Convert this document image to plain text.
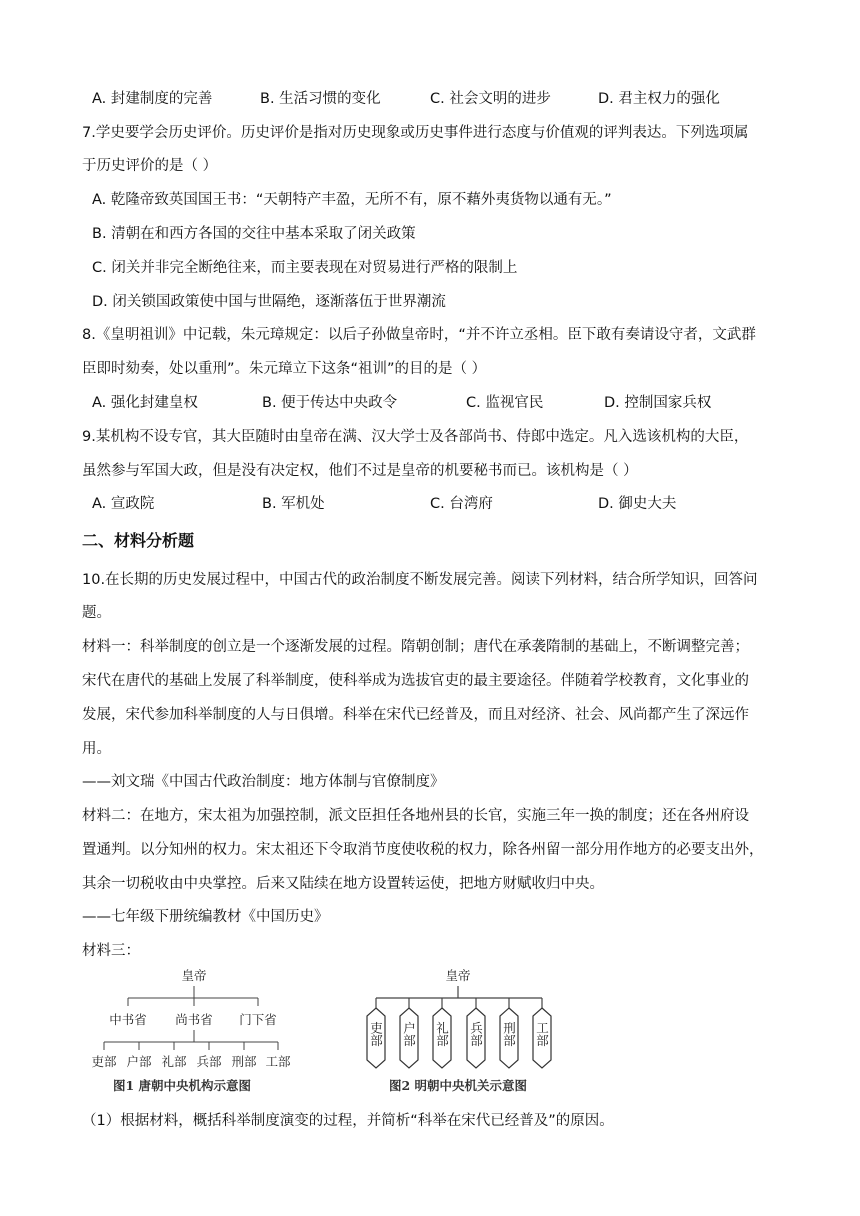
A. 封建制度的完善	B. 生活习惯的变化	C. 社会文明的进步	D. 君主权力的强化
7.学史要学会历史评价。历史评价是指对历史现象或历史事件进行态度与价值观的评判表达。下列选项属
于历史评价的是（ ）
A. 乾隆帝致英国国王书：“天朝特产丰盈，无所不有，原不藉外夷货物以通有无。”
B. 清朝在和西方各国的交往中基本采取了闭关政策
C. 闭关并非完全断绝往来，而主要表现在对贸易进行严格的限制上
D. 闭关锁国政策使中国与世隔绝，逐渐落伍于世界潮流
8.《皇明祖训》中记载，朱元璋规定：以后子孙做皇帝时，“并不许立丞相。臣下敢有奏请设守者，文武群
臣即时劾奏，处以重刑”。朱元璋立下这条“祖训”的目的是（ ）
A. 强化封建皇权	B. 便于传达中央政令	C. 监视官民	D. 控制国家兵权
9.某机构不设专官，其大臣随时由皇帝在满、汉大学士及各部尚书、侍郎中选定。凡入选该机构的大臣，
虽然参与军国大政，但是没有决定权，他们不过是皇帝的机要秘书而已。该机构是（ ）
A. 宣政院	B. 军机处	C. 台湾府	D. 御史大夫
二、材料分析题
10.在长期的历史发展过程中，中国古代的政治制度不断发展完善。阅读下列材料，结合所学知识，回答问
题。
材料一：科举制度的创立是一个逐渐发展的过程。隋朝创制；唐代在承袭隋制的基础上，不断调整完善；
宋代在唐代的基础上发展了科举制度，使科举成为选拔官吏的最主要途径。伴随着学校教育，文化事业的
发展，宋代参加科举制度的人与日俱增。科举在宋代已经普及，而且对经济、社会、风尚都产生了深远作
用。
——刘文瑞《中国古代政治制度：地方体制与官僚制度》
材料二：在地方，宋太祖为加强控制，派文臣担任各地州县的长官，实施三年一换的制度；还在各州府设
置通判。以分知州的权力。宋太祖还下令取消节度使收税的权力，除各州留一部分用作地方的必要支出外，
其余一切税收由中央掌控。后来又陆续在地方设置转运使，把地方财赋收归中央。
——七年级下册统编教材《中国历史》
材料三：
皇帝
中书省 尚书省 门下省
吏部 户部 礼部 兵部 刑部 工部
图1 唐朝中央机构示意图
皇帝
吏部 户部 礼部 兵部 刑部 工部
图2 明朝中央机关示意图
（1）根据材料，概括科举制度演变的过程，并简析“科举在宋代已经普及”的原因。
